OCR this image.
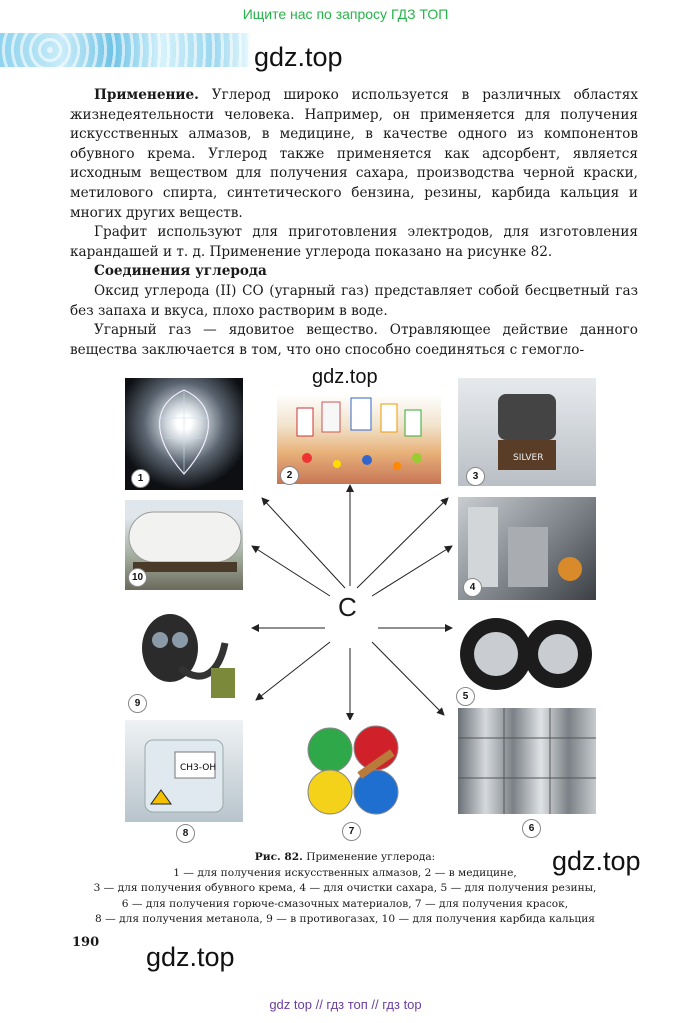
Ищите нас по запросу ГДЗ ТОП
gdz.top

Применение. Углерод широко используется в различных областях жизнедеятельности человека. Например, он применяется для получения искусственных алмазов, в медицине, в качестве одного из компонентов обувного крема. Углерод также применяется как адсорбент, является исходным веществом для получения сахара, производства черной краски, метилового спирта, синтетического бензина, резины, карбида кальция и многих других веществ.

Графит используют для приготовления электродов, для изготовления карандашей и т. д. Применение углерода показано на рисунке 82.

Соединения углерода

Оксид углерода (II) CO (угарный газ) представляет собой бесцветный газ без запаха и вкуса, плохо растворим в воде.

Угарный газ — ядовитое вещество. Отравляющее действие данного вещества заключается в том, что оно способно соединяться с гемогло-

C
1	2
SILVER
3
10
4
9
5
CH3-OH
8	7	6
gdz.top
gdz.top
Рис. 82. Применение углерода:
1 — для получения искусственных алмазов, 2 — в медицине,
3 — для получения обувного крема, 4 — для очистки сахара, 5 — для получения резины,
6 — для получения горюче-смазочных материалов, 7 — для получения красок,
8 — для получения метанола, 9 — в противогазах, 10 — для получения карбида кальция
190 gdz.top
gdz top // гдз топ // гдз top
